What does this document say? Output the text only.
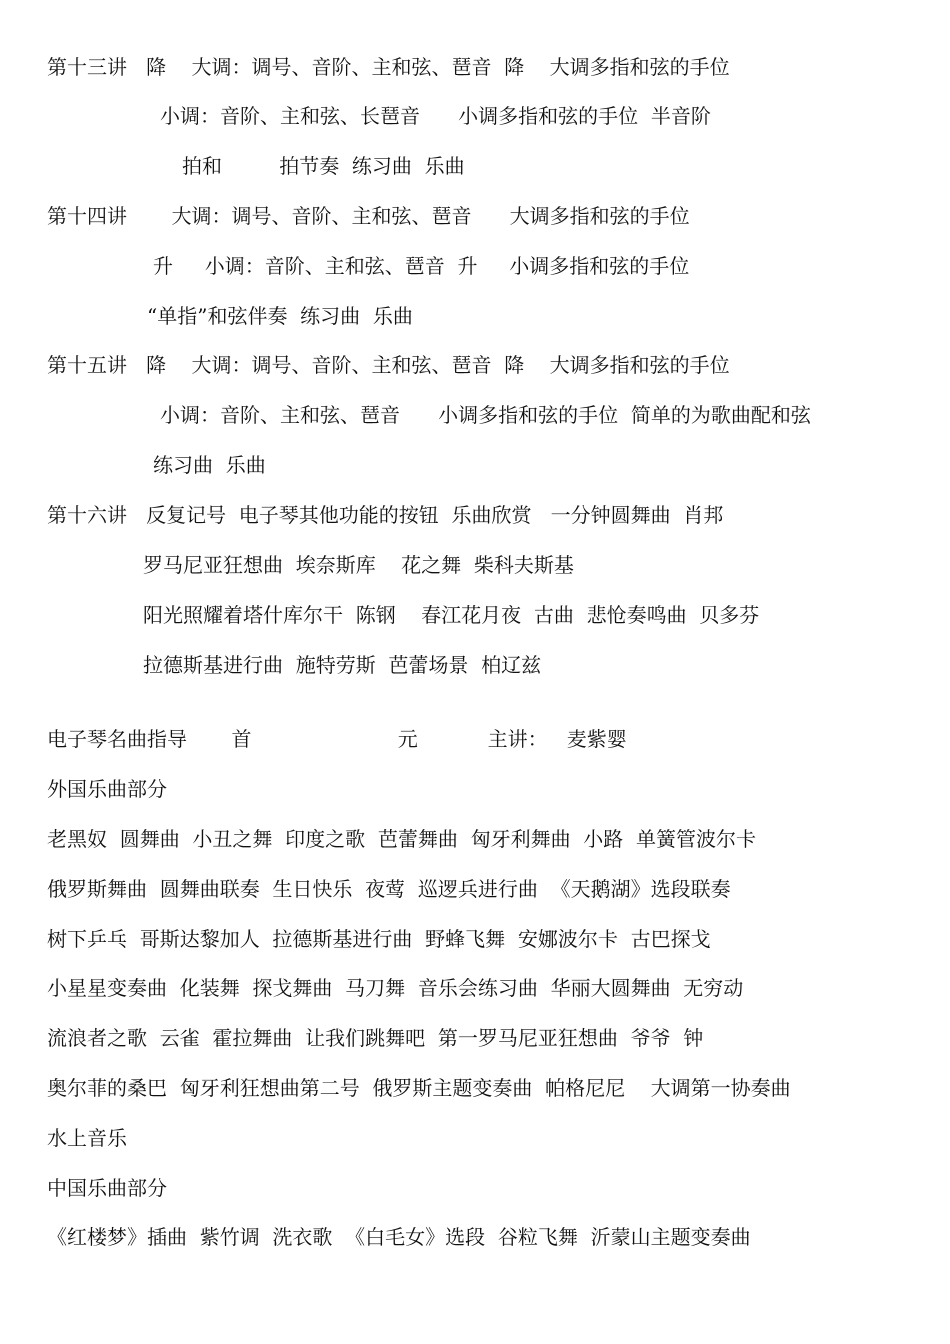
第十三讲   降    大调：调号、音阶、主和弦、琶音  降    大调多指和弦的手位
小调：音阶、主和弦、长琶音      小调多指和弦的手位  半音阶
拍和         拍节奏  练习曲  乐曲
第十四讲       大调：调号、音阶、主和弦、琶音      大调多指和弦的手位
升     小调：音阶、主和弦、琶音  升     小调多指和弦的手位
“单指”和弦伴奏  练习曲  乐曲
第十五讲   降    大调：调号、音阶、主和弦、琶音  降    大调多指和弦的手位
小调：音阶、主和弦、琶音      小调多指和弦的手位  简单的为歌曲配和弦
练习曲  乐曲
第十六讲   反复记号  电子琴其他功能的按钮  乐曲欣赏   一分钟圆舞曲  肖邦
罗马尼亚狂想曲  埃奈斯库    花之舞  柴科夫斯基
阳光照耀着塔什库尔干  陈钢    春江花月夜  古曲  悲怆奏鸣曲  贝多芬
拉德斯基进行曲  施特劳斯  芭蕾场景  柏辽兹
电子琴名曲指导       首                       元           主讲：   麦紫婴
外国乐曲部分
老黑奴  圆舞曲  小丑之舞  印度之歌  芭蕾舞曲  匈牙利舞曲  小路  单簧管波尔卡
俄罗斯舞曲  圆舞曲联奏  生日快乐  夜莺  巡逻兵进行曲  《天鹅湖》选段联奏
树下乒乓  哥斯达黎加人  拉德斯基进行曲  野蜂飞舞  安娜波尔卡  古巴探戈
小星星变奏曲  化装舞  探戈舞曲  马刀舞  音乐会练习曲  华丽大圆舞曲  无穷动
流浪者之歌  云雀  霍拉舞曲  让我们跳舞吧  第一罗马尼亚狂想曲  爷爷  钟
奥尔菲的桑巴  匈牙利狂想曲第二号  俄罗斯主题变奏曲  帕格尼尼    大调第一协奏曲
水上音乐
中国乐曲部分
《红楼梦》插曲  紫竹调  洗衣歌  《白毛女》选段  谷粒飞舞  沂蒙山主题变奏曲
